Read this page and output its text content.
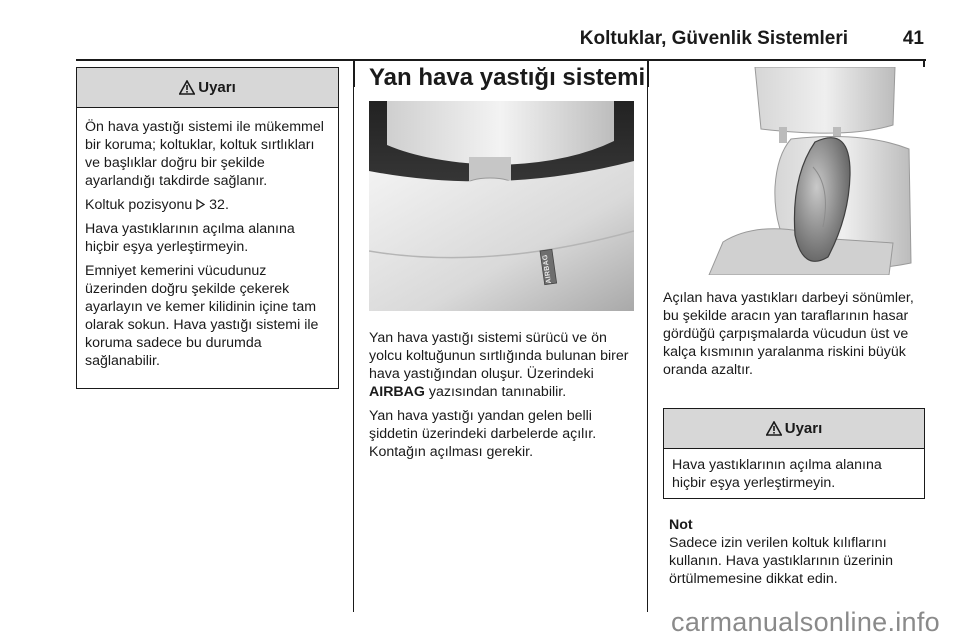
Koltuklar, Güvenlik Sistemleri	41
Uyarı

Ön hava yastığı sistemi ile mükemmel bir koruma; koltuklar, koltuk sırtlıkları ve başlıklar doğru bir şekilde ayarlandığı takdirde sağlanır.

Koltuk pozisyonu 32.

Hava yastıklarının açılma alanına hiçbir eşya yerleştirmeyin.

Emniyet kemerini vücudunuz üzerinden doğru şekilde çekerek ayarlayın ve kemer kilidinin içine tam olarak sokun. Hava yastığı sistemi ile koruma sadece bu durumda sağlanabilir.

Yan hava yastığı sistemi
AIRBAG

Yan hava yastığı sistemi sürücü ve ön yolcu koltuğunun sırtlığında bulunan birer hava yastığından oluşur. Üzerindeki AIRBAG yazısından tanınabilir.

Yan hava yastığı yandan gelen belli şiddetin üzerindeki darbelerde açılır. Kontağın açılması gerekir.

Açılan hava yastıkları darbeyi sönümler, bu şekilde aracın yan taraflarının hasar gördüğü çarpışmalarda vücudun üst ve kalça kısmının yaralanma riskini büyük oranda azaltır.

Uyarı

Hava yastıklarının açılma alanına hiçbir eşya yerleştirmeyin.

Not

Sadece izin verilen koltuk kılıflarını kullanın. Hava yastıklarının üzerinin örtülmemesine dikkat edin.

carmanualsonline.info
